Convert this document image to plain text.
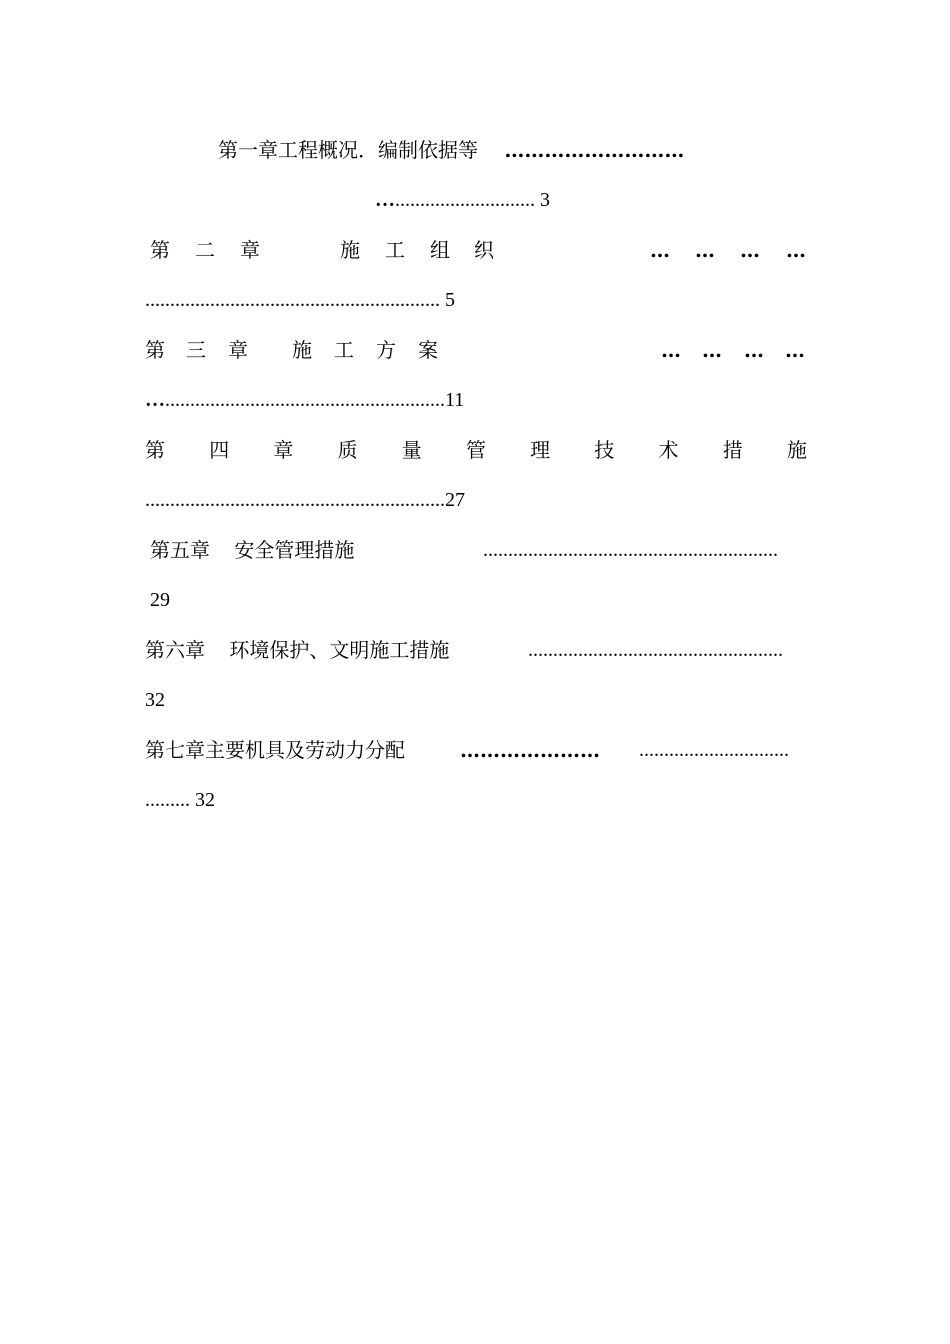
第一章工程概况．编制依据等 ………………………
…............................ 3
第 二 章	施 工 组 织	… … … …
........................................................... 5
第 三 章 施 工 方 案	… … … …
…........................................................11
第 四 章 质 量 管 理 技 术 措 施
............................................................27
第五章 安全管理措施	...........................................................
29
第六章 环境保护、文明施工措施	...................................................
32
第七章主要机具及劳动力分配	………………… ..............................
......... 32
